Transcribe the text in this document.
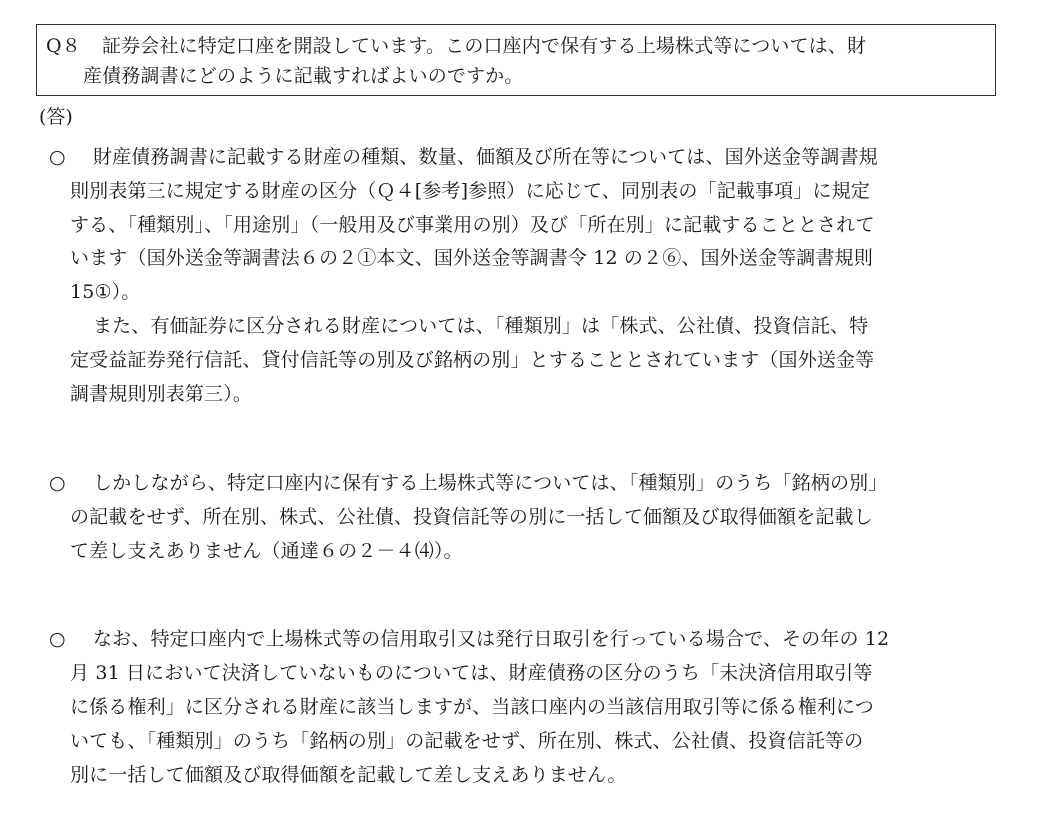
Q８ 証券会社に特定口座を開設しています。この口座内で保有する上場株式等については、財
産債務調書にどのように記載すればよいのですか。
(答)
○ 財産債務調書に記載する財産の種類、数量、価額及び所在等については、国外送金等調書規
則別表第三に規定する財産の区分（Ｑ４[参考]参照）に応じて、同別表の「記載事項」に規定
する、「種類別」、「用途別」（一般用及び事業用の別）及び「所在別」に記載することとされて
います（国外送金等調書法６の２①本文、国外送金等調書令 12 の２⑥、国外送金等調書規則
15①）。
また、有価証券に区分される財産については、「種類別」は「株式、公社債、投資信託、特
定受益証券発行信託、貸付信託等の別及び銘柄の別」とすることとされています（国外送金等
調書規則別表第三）。
○ しかしながら、特定口座内に保有する上場株式等については、「種類別」のうち「銘柄の別」
の記載をせず、所在別、株式、公社債、投資信託等の別に一括して価額及び取得価額を記載し
て差し支えありません（通達６の２－４⑷）。
○ なお、特定口座内で上場株式等の信用取引又は発行日取引を行っている場合で、その年の 12
月 31 日において決済していないものについては、財産債務の区分のうち「未決済信用取引等
に係る権利」に区分される財産に該当しますが、当該口座内の当該信用取引等に係る権利につ
いても、「種類別」のうち「銘柄の別」の記載をせず、所在別、株式、公社債、投資信託等の
別に一括して価額及び取得価額を記載して差し支えありません。
